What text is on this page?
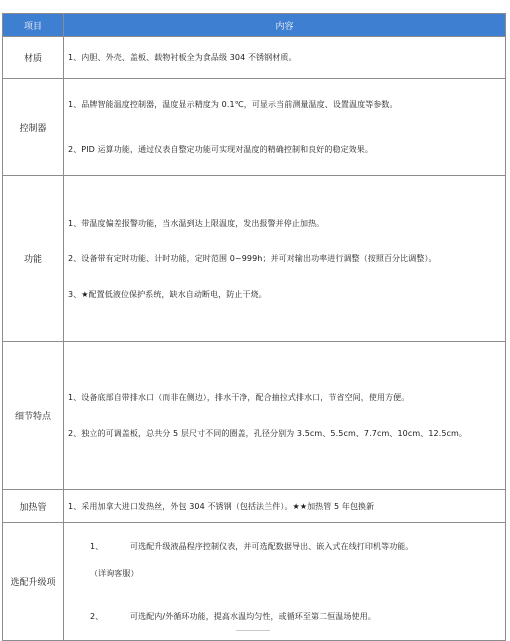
项目	内容
材质	1、内胆、外壳、盖板、载物衬板全为食品级 304 不锈钢材质。

控制器	1、品牌智能温度控制器，温度显示精度为 0.1℃，可显示当前测量温度、设置温度等参数。
2、PID 运算功能，通过仪表自整定功能可实现对温度的精确控制和良好的稳定效果。

功能	1、带温度偏差报警功能，当水温到达上限温度，发出报警并停止加热。
2、设备带有定时功能、计时功能，定时范围 0~999h；并可对输出功率进行调整（按照百分比调整）。
3、★配置低液位保护系统，缺水自动断电，防止干烧。

细节特点	1、设备底部自带排水口（而非在侧边），排水干净，配合抽拉式排水口，节省空间，使用方便。
2、独立的可调盖板，总共分 5 层尺寸不同的圈盖，孔径分别为 3.5cm、5.5cm、7.7cm、10cm、12.5cm。

加热管	1、采用加拿大进口发热丝，外包 304 不锈钢（包括法兰件）。★★加热管 5 年包换新

选配升级项	1、 可选配升级液晶程序控制仪表，并可选配数据导出、嵌入式在线打印机等功能。
（详询客服）
2、 可选配内/外循环功能，提高水温均匀性，或循环至第二恒温场使用。
